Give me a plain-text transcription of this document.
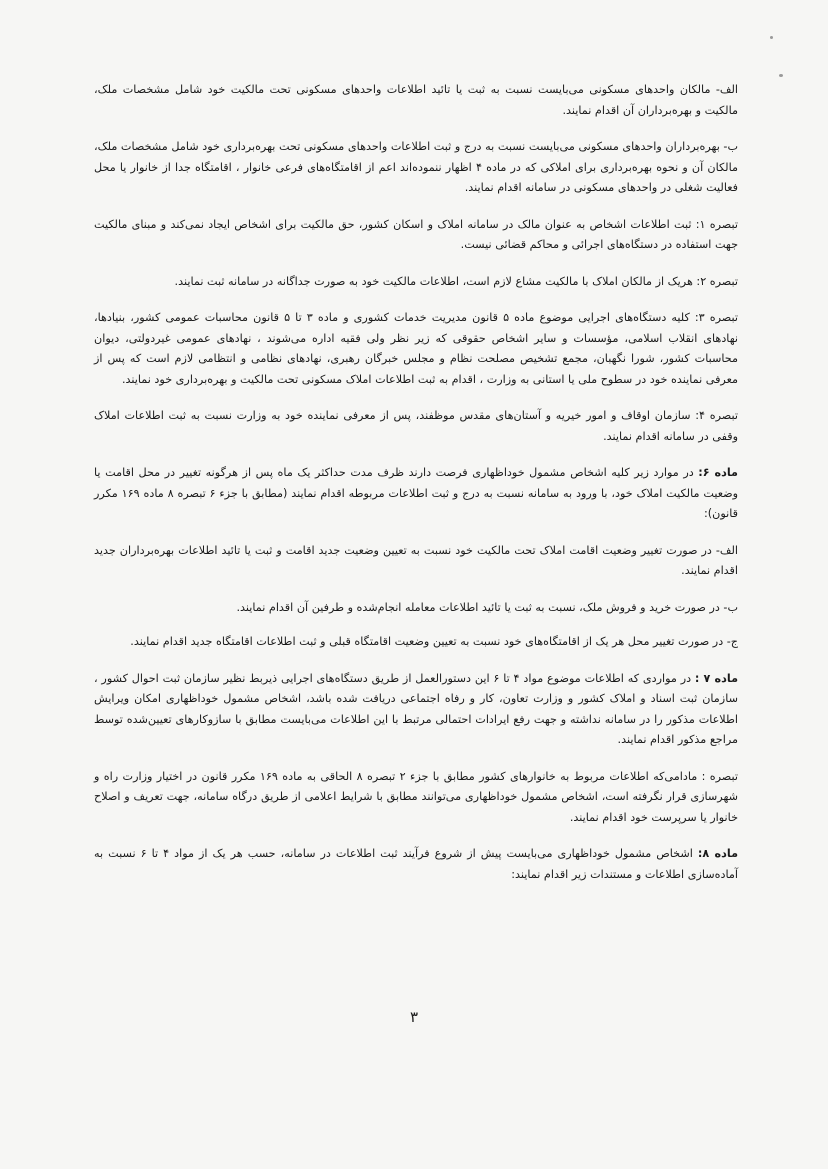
الف- مالکان واحدهای مسکونی می‌بایست نسبت به ثبت یا تائید اطلاعات واحدهای مسکونی تحت مالکیت خود شامل مشخصات ملک، مالکیت و بهره‌برداران آن اقدام نمایند.

ب- بهره‌برداران واحدهای مسکونی می‌بایست نسبت به درج و ثبت اطلاعات واحدهای مسکونی تحت بهره‌برداری خود شامل مشخصات ملک، مالکان آن و نحوه بهره‌برداری برای املاکی که در ماده ۴ اظهار ننموده‌اند اعم از اقامتگاه‌های فرعی خانوار ، اقامتگاه جدا از خانوار یا محل فعالیت شغلی در واحدهای مسکونی در سامانه اقدام نمایند.

تبصره ۱: ثبت اطلاعات اشخاص به عنوان مالک در سامانه املاک و اسکان کشور، حق مالکیت برای اشخاص ایجاد نمی‌کند و مبنای مالکیت جهت استفاده در دستگاه‌های اجرائی و محاکم قضائی نیست.

تبصره ۲: هریک از مالکان املاک با مالکیت مشاع لازم است، اطلاعات مالکیت خود به صورت جداگانه در سامانه ثبت نمایند.

تبصره ۳: کلیه دستگاه‌های اجرایی موضوع ماده ۵ قانون مدیریت خدمات کشوری و ماده ۳ تا ۵ قانون محاسبات عمومی کشور، بنیادها، نهادهای انقلاب اسلامی، مؤسسات و سایر اشخاص حقوقی که زیر نظر ولی فقیه اداره می‌شوند ، نهادهای عمومی غیردولتی، دیوان محاسبات کشور، شورا نگهبان، مجمع تشخیص مصلحت نظام و مجلس خبرگان رهبری، نهادهای نظامی و انتظامی لازم است که پس از معرفی نماینده خود در سطوح ملی یا استانی به وزارت ، اقدام به ثبت اطلاعات املاک مسکونی تحت مالکیت و بهره‌برداری خود نمایند.

تبصره ۴: سازمان اوقاف و امور خیریه و آستان‌های مقدس موظفند، پس از معرفی نماینده خود به وزارت نسبت به ثبت اطلاعات املاک وقفی در سامانه اقدام نمایند.

ماده ۶: در موارد زیر کلیه اشخاص مشمول خوداظهاری فرصت دارند ظرف مدت حداکثر یک ماه پس از هرگونه تغییر در محل اقامت یا وضعیت مالکیت املاک خود، با ورود به سامانه نسبت به درج و ثبت اطلاعات مربوطه اقدام نمایند (مطابق با جزء ۶ تبصره ۸ ماده ۱۶۹ مکرر قانون):

الف- در صورت تغییر وضعیت اقامت املاک تحت مالکیت خود نسبت به تعیین وضعیت جدید اقامت و ثبت یا تائید اطلاعات بهره‌برداران جدید اقدام نمایند.

ب- در صورت خرید و فروش ملک، نسبت به ثبت یا تائید اطلاعات معامله انجام‌شده و طرفین آن اقدام نمایند.

ج- در صورت تغییر محل هر یک از اقامتگاه‌های خود نسبت به تعیین وضعیت اقامتگاه قبلی و ثبت اطلاعات اقامتگاه جدید اقدام نمایند.

ماده ۷ : در مواردی که اطلاعات موضوع مواد ۴ تا ۶ این دستورالعمل از طریق دستگاه‌های اجرایی ذیربط نظیر سازمان ثبت احوال کشور ، سازمان ثبت اسناد و املاک کشور و وزارت تعاون، کار و رفاه اجتماعی دریافت شده باشد، اشخاص مشمول خوداظهاری امکان ویرایش اطلاعات مذکور را در سامانه نداشته و جهت رفع ایرادات احتمالی مرتبط با این اطلاعات می‌بایست مطابق با سازوکارهای تعیین‌شده توسط مراجع مذکور اقدام نمایند.

تبصره : مادامی‌که اطلاعات مربوط به خانوارهای کشور مطابق با جزء ۲ تبصره ۸ الحاقی به ماده ۱۶۹ مکرر قانون در اختیار وزارت راه و شهرسازی قرار نگرفته است، اشخاص مشمول خوداظهاری می‌توانند مطابق با شرایط اعلامی از طریق درگاه سامانه، جهت تعریف و اصلاح خانوار یا سرپرست خود اقدام نمایند.

ماده ۸: اشخاص مشمول خوداظهاری می‌بایست پیش از شروع فرآیند ثبت اطلاعات در سامانه، حسب هر یک از مواد ۴ تا ۶ نسبت به آماده‌سازی اطلاعات و مستندات زیر اقدام نمایند:

۳
